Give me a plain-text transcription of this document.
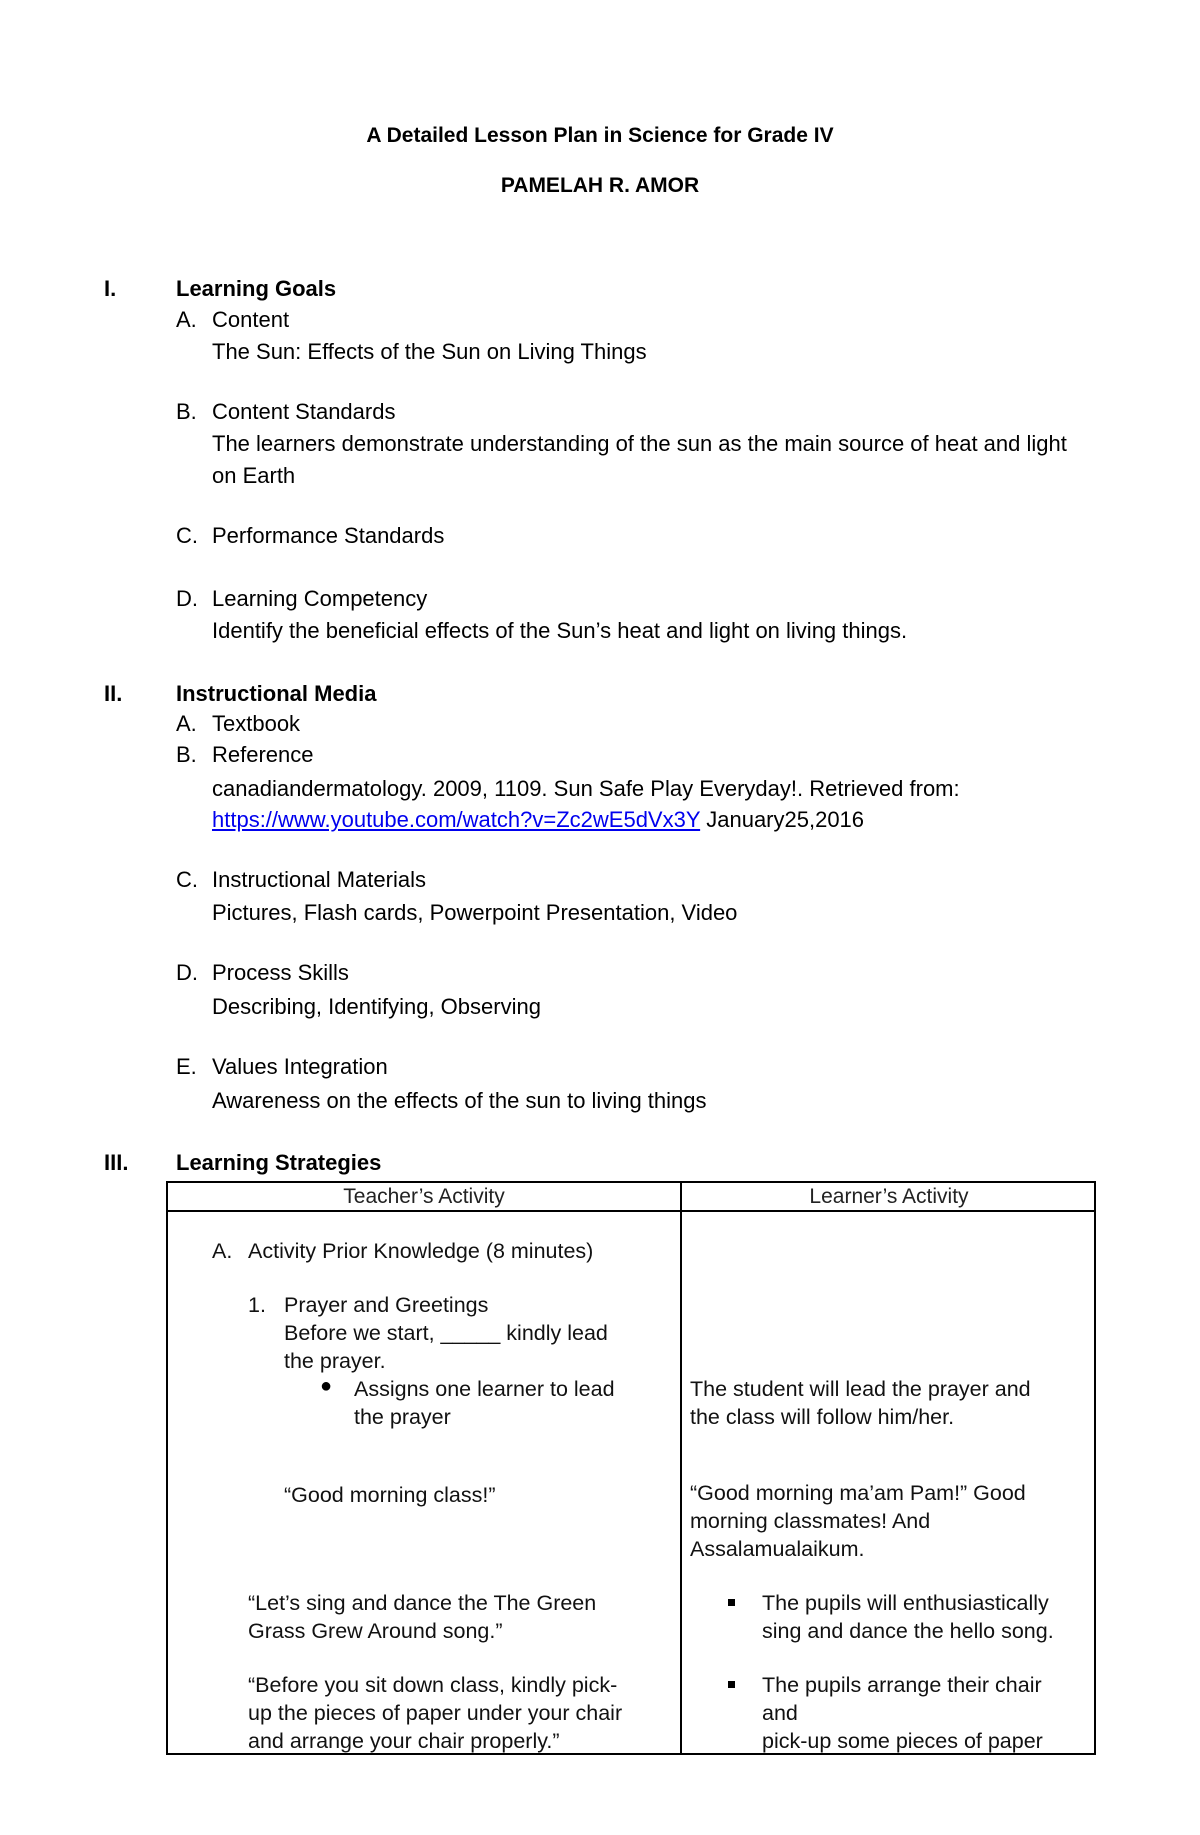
A Detailed Lesson Plan in Science for Grade IV
PAMELAH R. AMOR
I.	Learning Goals
A. Content
The Sun: Effects of the Sun on Living Things
B. Content Standards
The learners demonstrate understanding of the sun as the main source of heat and light
on Earth
C. Performance Standards
D. Learning Competency
Identify the beneficial effects of the Sun’s heat and light on living things.
II. Instructional Media
A. Textbook
B. Reference
canadiandermatology. 2009, 1109. Sun Safe Play Everyday!. Retrieved from:
https://www.youtube.com/watch?v=Zc2wE5dVx3Y January25,2016
C. Instructional Materials
Pictures, Flash cards, Powerpoint Presentation, Video
D. Process Skills
Describing, Identifying, Observing
E. Values Integration
Awareness on the effects of the sun to living things
III. Learning Strategies
Teacher’s Activity	Learner’s Activity
A. Activity Prior Knowledge (8 minutes)
1. Prayer and Greetings
Before we start, _____ kindly lead
the prayer.
● Assigns one learner to lead
the prayer
“Good morning class!”
“Let’s sing and dance the The Green
Grass Grew Around song.”
“Before you sit down class, kindly pick-
up the pieces of paper under your chair
and arrange your chair properly.”
The student will lead the prayer and
the class will follow him/her.
“Good morning ma’am Pam!” Good
morning classmates! And
Assalamualaikum.
The pupils will enthusiastically
sing and dance the hello song.
The pupils arrange their chair
and
pick-up some pieces of paper
